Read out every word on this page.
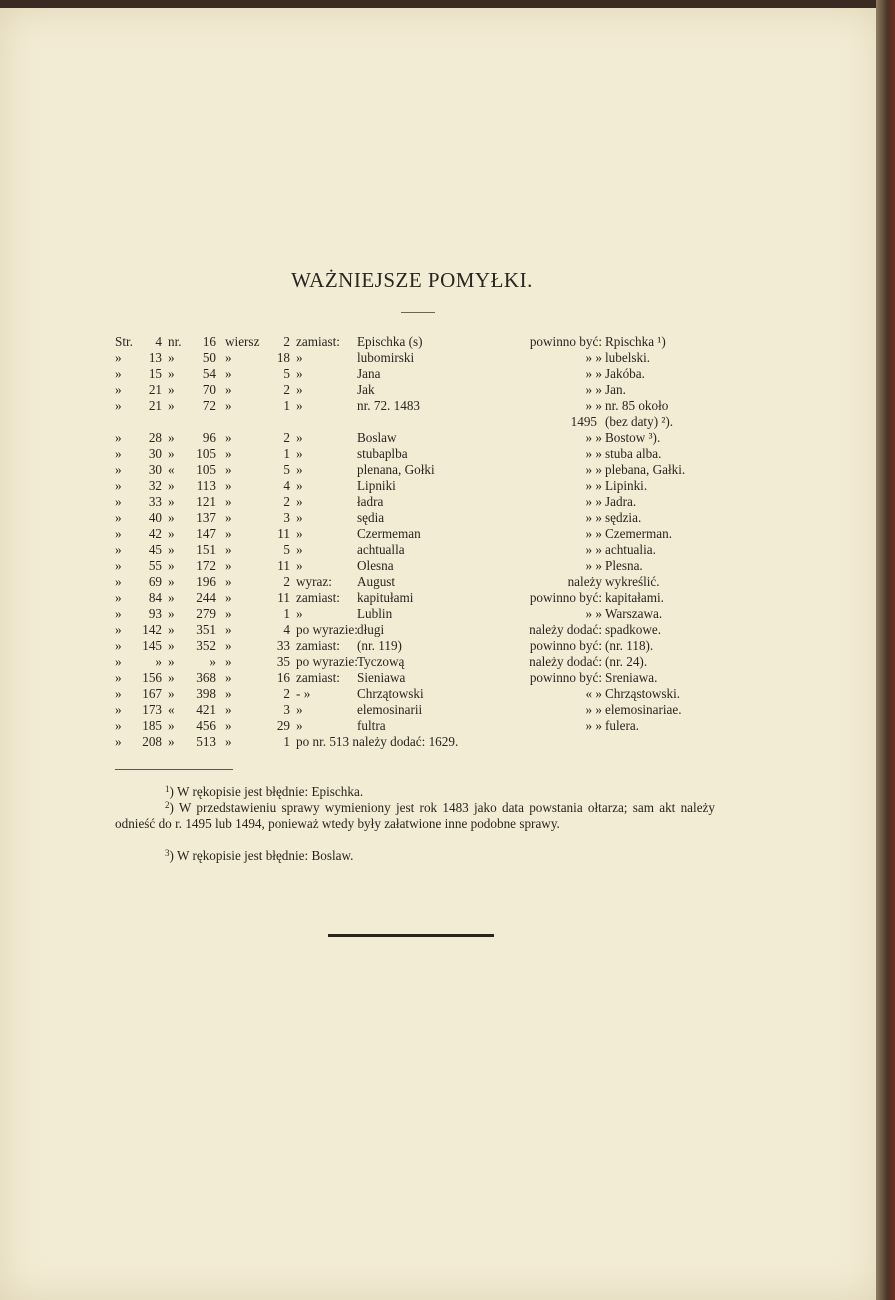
WAŻNIEJSZE POMYŁKI.
Str.	4 nr.	16 wiersz	2 zamiast: Epischka (s)	powinno być: Rpischka ¹)
»	13 »	50 »	18 »	lubomirski	» » lubelski.
»	15 »	54 »	5 »	Jana	» » Jakóba.
»	21 »	70 »	2 »	Jak	» » Jan.
»	21 »	72 »	1 »	nr. 72. 1483	» » nr. 85 około
1495 (bez daty) ²).
»	28 »	96 »	2 »	Boslaw	» » Bostow ³).
»	30 »	105 »	1 »	stubaplba	» » stuba alba.
»	30 «	105 »	5 »	plenana, Gołki	» » plebana, Gałki.
»	32 »	113 »	4 »	Lipniki	» » Lipinki.
»	33 »	121 »	2 »	ładra	» » Jadra.
»	40 »	137 »	3 »	sędia	» » sędzia.
»	42 »	147 »	11 »	Czermeman	» » Czemerman.
»	45 »	151 »	5 »	achtualla	» » achtualia.
»	55 »	172 »	11 »	Olesna	» » Plesna.
»	69 »	196 »	2 wyraz: August	należy wykreślić.
»	84 »	244 »	11 zamiast: kapitułami	powinno być: kapitałami.
»	93 »	279 »	1 »	Lublin	» » Warszawa.
»	142 »	351 »	4 po wyrazie: długi	należy dodać: spadkowe.
»	145 »	352 »	33 zamiast: (nr. 119)	powinno być: (nr. 118).
»	» »	» »	35 po wyrazie: Tyczową	należy dodać: (nr. 24).
»	156 »	368 »	16 zamiast: Sieniawa	powinno być: Sreniawa.
»	167 »	398 »	2 - »	Chrzątowski	« » Chrząstowski.
»	173 «	421 »	3 »	elemosinarii	» » elemosinariae.
»	185 »	456 »	29 »	fultra	» » fulera.
»	208 »	513 »	1 po nr. 513 należy dodać: 1629.
$^1$) W rękopisie jest błędnie: Epischka.
$^2$) W przedstawieniu sprawy wymieniony jest rok 1483 jako data powstania ołtarza; sam akt należy odnieść do r. 1495 lub 1494, ponieważ wtedy były załatwione inne podobne sprawy.
$^3$) W rękopisie jest błędnie: Boslaw.
